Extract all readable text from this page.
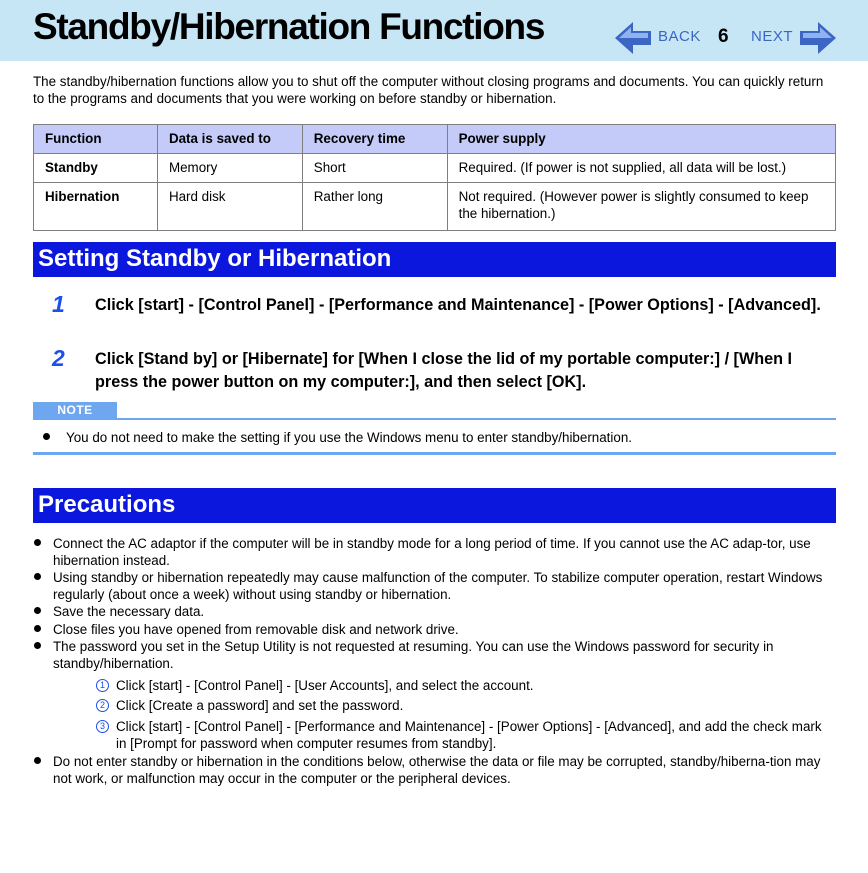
Standby/Hibernation Functions	BACK 6 NEXT

The standby/hibernation functions allow you to shut off the computer without closing programs and documents. You can quickly return to the programs and documents that you were working on before standby or hibernation.

Function	Data is saved to	Recovery time	Power supply
Standby	Memory	Short	Required. (If power is not supplied, all data will be lost.)
Hibernation	Hard disk	Rather long	Not required. (However power is slightly consumed to keep the hibernation.)
Setting Standby or Hibernation
1 Click [start] - [Control Panel] - [Performance and Maintenance] - [Power Options] - [Advanced].
2 Click [Stand by] or [Hibernate] for [When I close the lid of my portable computer:] / [When I press the power button on my computer:], and then select [OK].
NOTE
You do not need to make the setting if you use the Windows menu to enter standby/hibernation.
Precautions
Connect the AC adaptor if the computer will be in standby mode for a long period of time. If you cannot use the AC adap-tor, use hibernation instead.
Using standby or hibernation repeatedly may cause malfunction of the computer. To stabilize computer operation, restart Windows regularly (about once a week) without using standby or hibernation.
Save the necessary data.
Close files you have opened from removable disk and network drive.
The password you set in the Setup Utility is not requested at resuming. You can use the Windows password for security in standby/hibernation.
1 Click [start] - [Control Panel] - [User Accounts], and select the account.
2 Click [Create a password] and set the password.
3 Click [start] - [Control Panel] - [Performance and Maintenance] - [Power Options] - [Advanced], and add the check mark in [Prompt for password when computer resumes from standby].
Do not enter standby or hibernation in the conditions below, otherwise the data or file may be corrupted, standby/hiberna-tion may not work, or malfunction may occur in the computer or the peripheral devices.
